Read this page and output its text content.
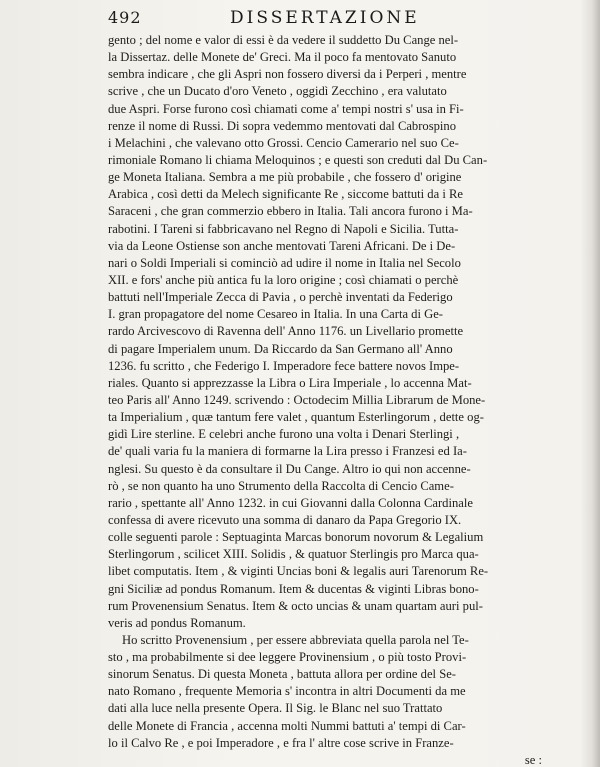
492	DISSERTAZIONE
gento ; del nome e valor di essi è da vedere il suddetto Du Cange nel-
la Dissertaz. delle Monete de' Greci. Ma il poco fa mentovato Sanuto
sembra indicare , che gli Aspri non fossero diversi da i Perperi , mentre
scrive , che un Ducato d'oro Veneto , oggidì Zecchino , era valutato
due Aspri. Forse furono così chiamati come a' tempi nostri s' usa in Fi-
renze il nome di Russi. Di sopra vedemmo mentovati dal Cabrospino
i Melachini , che valevano otto Grossi. Cencio Camerario nel suo Ce-
rimoniale Romano li chiama Meloquinos ; e questi son creduti dal Du Can-
ge Moneta Italiana. Sembra a me più probabile , che fossero d' origine
Arabica , così detti da Melech significante Re , siccome battuti da i Re
Saraceni , che gran commerzio ebbero in Italia. Tali ancora furono i Ma-
rabotini. I Tareni si fabbricavano nel Regno di Napoli e Sicilia. Tutta-
via da Leone Ostiense son anche mentovati Tareni Africani. De i De-
nari o Soldi Imperiali si cominciò ad udire il nome in Italia nel Secolo
XII. e fors' anche più antica fu la loro origine ; così chiamati o perchè
battuti nell'Imperiale Zecca di Pavia , o perchè inventati da Federigo
I. gran propagatore del nome Cesareo in Italia. In una Carta di Ge-
rardo Arcivescovo di Ravenna dell' Anno 1176. un Livellario promette
di pagare Imperialem unum. Da Riccardo da San Germano all' Anno
1236. fu scritto , che Federigo I. Imperadore fece battere novos Impe-
riales. Quanto si apprezzasse la Libra o Lira Imperiale , lo accenna Mat-
teo Paris all' Anno 1249. scrivendo : Octodecim Millia Librarum de Mone-
ta Imperialium , quæ tantum fere valet , quantum Esterlingorum , dette og-
gidì Lire sterline. E celebri anche furono una volta i Denari Sterlingi ,
de' quali varia fu la maniera di formarne la Lira presso i Franzesi ed Ia-
nglesi. Su questo è da consultare il Du Cange. Altro io qui non accenne-
rò , se non quanto ha uno Strumento della Raccolta di Cencio Came-
rario , spettante all' Anno 1232. in cui Giovanni dalla Colonna Cardinale
confessa di avere ricevuto una somma di danaro da Papa Gregorio IX.
colle seguenti parole : Septuaginta Marcas bonorum novorum & Legalium
Sterlingorum , scilicet XIII. Solidis , & quatuor Sterlingis pro Marca qua-
libet computatis. Item , & viginti Uncias boni & legalis auri Tarenorum Re-
gni Siciliæ ad pondus Romanum. Item & ducentas & viginti Libras bono-
rum Provenensium Senatus. Item & octo uncias & unam quartam auri pul-
veris ad pondus Romanum.
Ho scritto Provenensium , per essere abbreviata quella parola nel Te-
sto , ma probabilmente si dee leggere Provinensium , o più tosto Provi-
sinorum Senatus. Di questa Moneta , battuta allora per ordine del Se-
nato Romano , frequente Memoria s' incontra in altri Documenti da me
dati alla luce nella presente Opera. Il Sig. le Blanc nel suo Trattato
delle Monete di Francia , accenna molti Nummi battuti a' tempi di Car-
lo il Calvo Re , e poi Imperadore , e fra l' altre cose scrive in Franze-
se :
